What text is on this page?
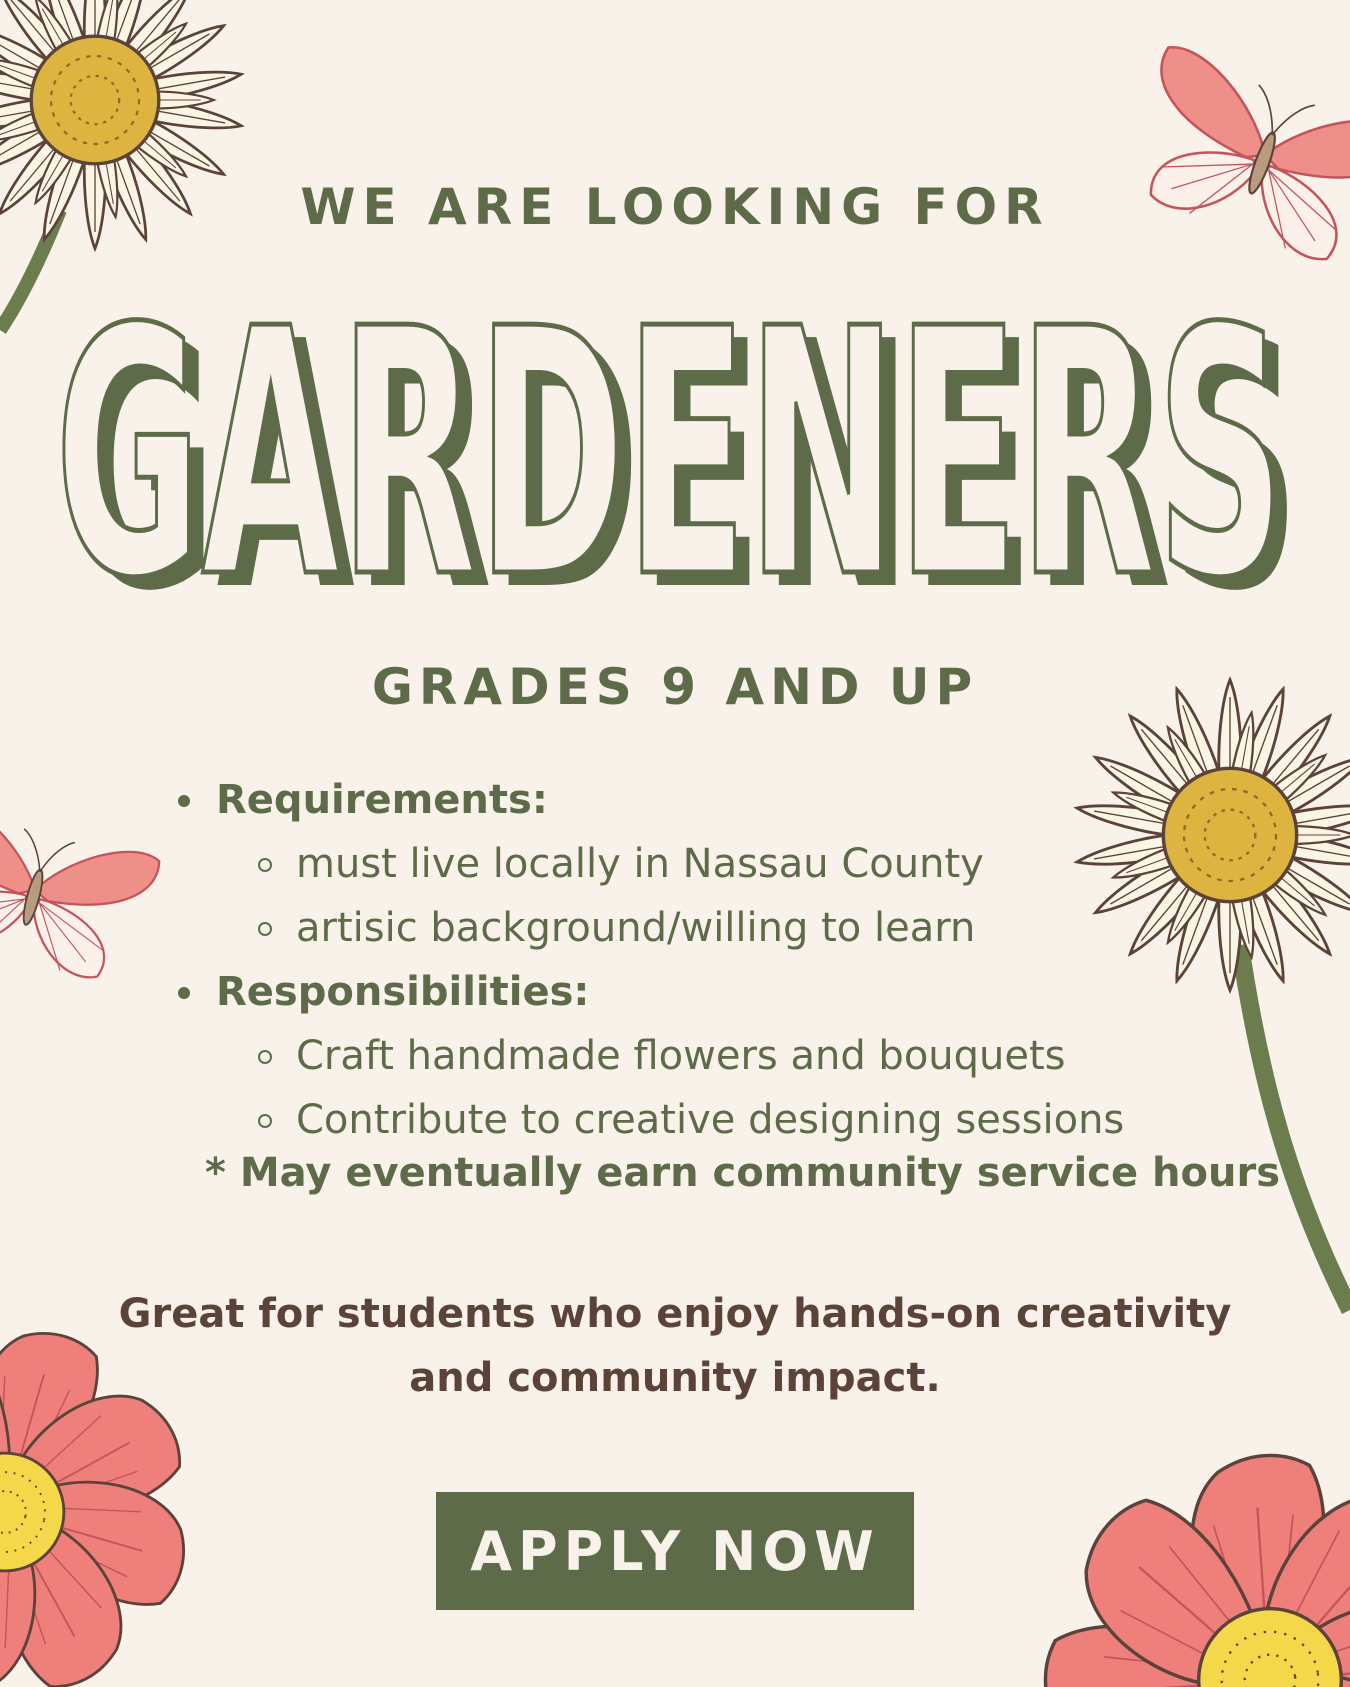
WE ARE LOOKING FOR
GARDENERS
GARDENERS
GRADES 9 AND UP
Requirements:
must live locally in Nassau County
artisic background/willing to learn
Responsibilities:
Craft handmade flowers and bouquets
Contribute to creative designing sessions
* May eventually earn community service hours
Great for students who enjoy hands-on creativity
and community impact.
APPLY NOW
